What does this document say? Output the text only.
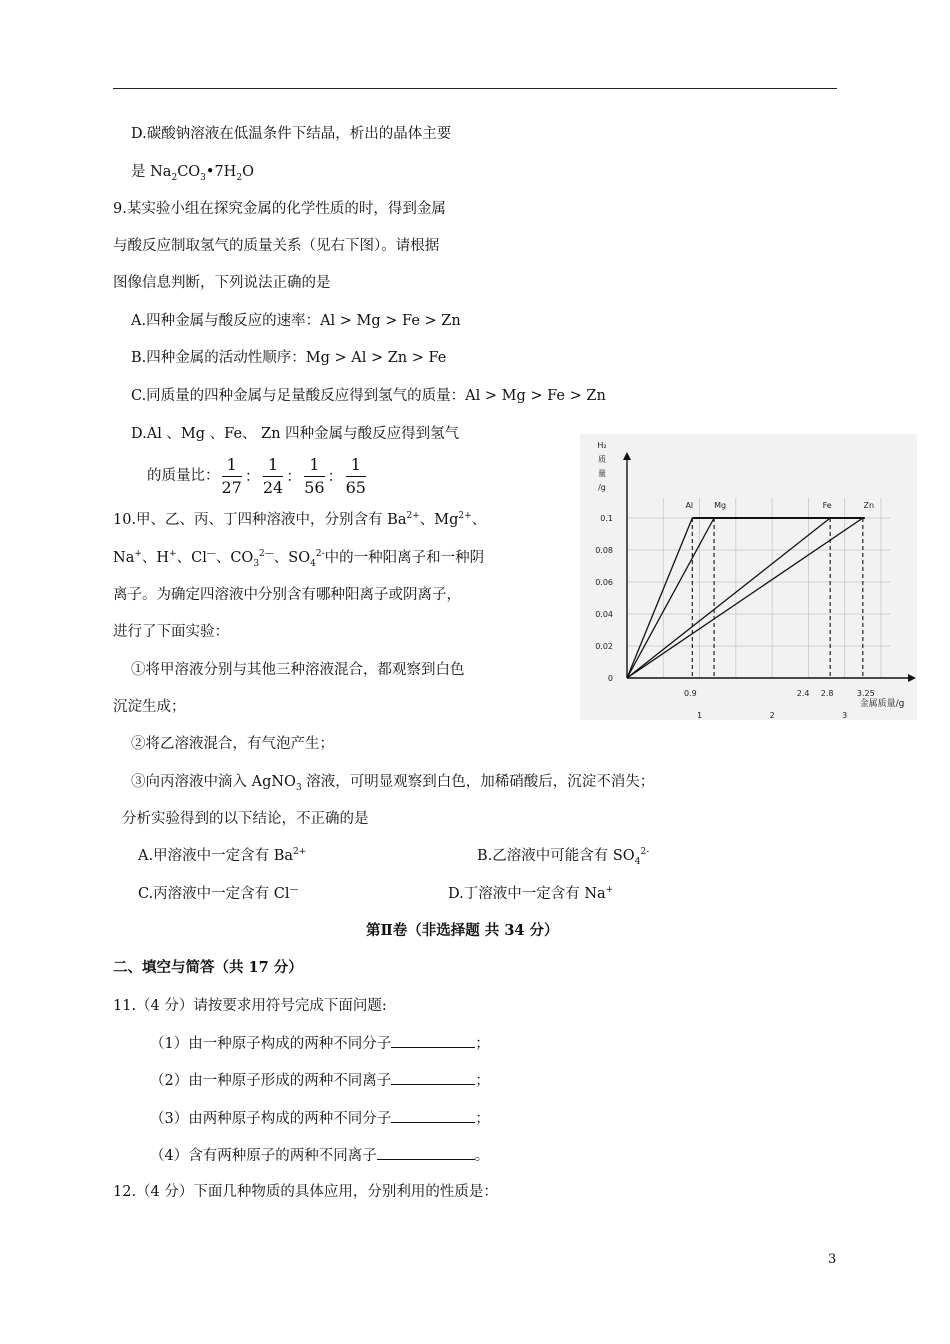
D.碳酸钠溶液在低温条件下结晶，析出的晶体主要
是 $Na_2CO_3•7H_2O$
9.某实验小组在探究金属的化学性质的时，得到金属
与酸反应制取氢气的质量关系（见右下图）。请根据
图像信息判断，下列说法正确的是
A.四种金属与酸反应的速率：Al > Mg > Fe > Zn
B.四种金属的活动性顺序：Mg > Al > Zn > Fe
C.同质量的四种金属与足量酸反应得到氢气的质量：Al > Mg > Fe > Zn
D.Al 、Mg 、Fe、 Zn 四种金属与酸反应得到氢气
的质量比： $\frac{1}{27}$ ： $\frac{1}{24}$ ： $\frac{1}{56}$ ： $\frac{1}{65}$
0
0.02
0.04
0.06
0.08
0.1
H₂
质
量
/g
Al	Mg	Fe	Zn
0.9	2.4 2.8	3.25
1	2	3
金属质量/g
10.甲、乙、丙、丁四种溶液中，分别含有 $Ba^{2+}$、$Mg^{2+}$、
Na+、H+、Cl—、$CO_3^{2—}$、$SO_4^{2-}$中的一种阳离子和一种阴
离子。为确定四溶液中分别含有哪种阳离子或阴离子，
进行了下面实验：
①将甲溶液分别与其他三种溶液混合，都观察到白色
沉淀生成；
②将乙溶液混合，有气泡产生；
③向丙溶液中滴入 AgNO$_3$ 溶液，可明显观察到白色，加稀硝酸后，沉淀不消失；
分析实验得到的以下结论，不正确的是
A.甲溶液中一定含有 $Ba^{2+}$	B.乙溶液中可能含有 $SO_4^{2-}$
C.丙溶液中一定含有 Cl—	D.丁溶液中一定含有 Na+
第Ⅱ卷（非选择题 共 34 分）
二、填空与简答（共 17 分）
11.（4 分）请按要求用符号完成下面问题:
（1）由一种原子构成的两种不同分子	；
（2）由一种原子形成的两种不同离子	；
（3）由两种原子构成的两种不同分子	；
（4）含有两种原子的两种不同离子	。
12.（4 分）下面几种物质的具体应用，分别利用的性质是：
3
